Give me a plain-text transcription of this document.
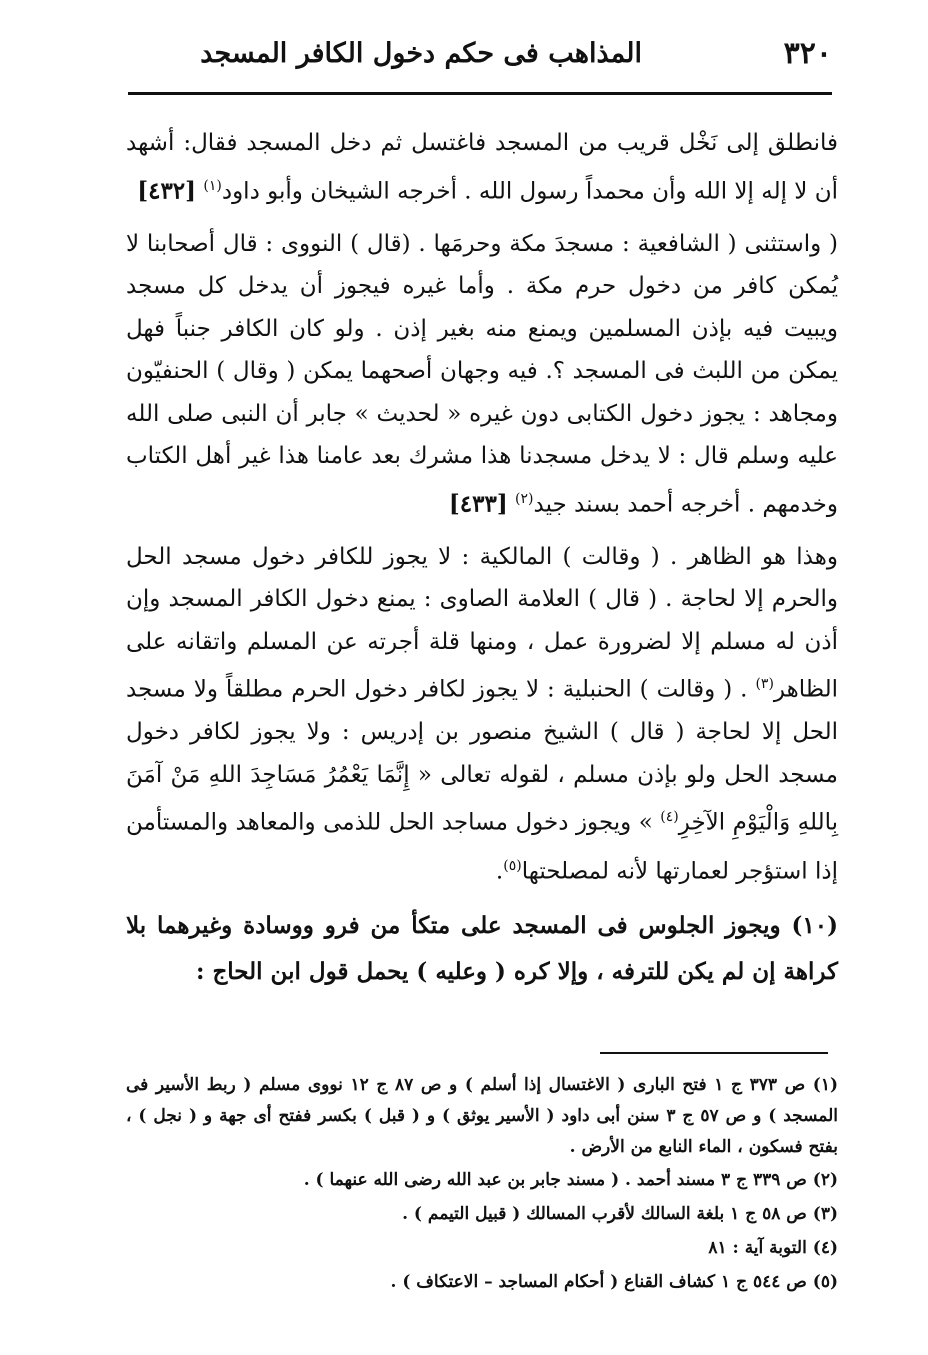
٣٢٠
المذاهب فى حكم دخول الكافر المسجد

فانطلق إلى نَخْل قريب من المسجد فاغتسل ثم دخل المسجد فقال: أشهد أن لا إله إلا الله وأن محمداً رسول الله . أخرجه الشيخان وأبو داود$^{(١)}$ [٤٣٢]

( واستثنى ( الشافعية : مسجدَ مكة وحرمَها . (قال ) النووى : قال أصحابنا لا يُمكن كافر من دخول حرم مكة . وأما غيره فيجوز أن يدخل كل مسجد ويبيت فيه بإذن المسلمين ويمنع منه بغير إذن . ولو كان الكافر جنباً فهل يمكن من اللبث فى المسجد ؟. فيه وجهان أصحهما يمكن ( وقال ) الحنفيّون ومجاهد : يجوز دخول الكتابى دون غيره « لحديث » جابر أن النبى صلى الله عليه وسلم قال : لا يدخل مسجدنا هذا مشرك بعد عامنا هذا غير أهل الكتاب وخدمهم . أخرجه أحمد بسند جيد$^{(٢)}$ [٤٣٣]

وهذا هو الظاهر . ( وقالت ) المالكية : لا يجوز للكافر دخول مسجد الحل والحرم إلا لحاجة . ( قال ) العلامة الصاوى : يمنع دخول الكافر المسجد وإن أذن له مسلم إلا لضرورة عمل ، ومنها قلة أجرته عن المسلم واتقانه على الظاهر$^{(٣)}$ . ( وقالت ) الحنبلية : لا يجوز لكافر دخول الحرم مطلقاً ولا مسجد الحل إلا لحاجة ( قال ) الشيخ منصور بن إدريس : ولا يجوز لكافر دخول مسجد الحل ولو بإذن مسلم ، لقوله تعالى « إِنَّمَا يَعْمُرُ مَسَاجِدَ اللهِ مَنْ آمَنَ بِاللهِ وَالْيَوْمِ الآخِرِ$^{(٤)}$ » ويجوز دخول مساجد الحل للذمى والمعاهد والمستأمن إذا استؤجر لعمارتها لأنه لمصلحتها$^{(٥)}$.

(١٠) ويجوز الجلوس فى المسجد على متكأ من فرو ووسادة وغيرهما بلا كراهة إن لم يكن للترفه ، وإلا كره ( وعليه ) يحمل قول ابن الحاج :

(١) ص ٣٧٣ ج ١ فتح البارى ( الاغتسال إذا أسلم ) و ص ٨٧ ج ١٢ نووى مسلم ( ربط الأسير فى المسجد ) و ص ٥٧ ج ٣ سنن أبى داود ( الأسير يوثق ) و ( قبل ) بكسر ففتح أى جهة و ( نجل ) ، بفتح فسكون ، الماء النابع من الأرض .

(٢) ص ٣٣٩ ج ٣ مسند أحمد . ( مسند جابر بن عبد الله رضى الله عنهما ) .

(٣) ص ٥٨ ج ١ بلغة السالك لأقرب المسالك ( قبيل التيمم ) .

(٤) التوبة آية : ٨١

(٥) ص ٥٤٤ ج ١ كشاف القناع ( أحكام المساجد – الاعتكاف ) .
